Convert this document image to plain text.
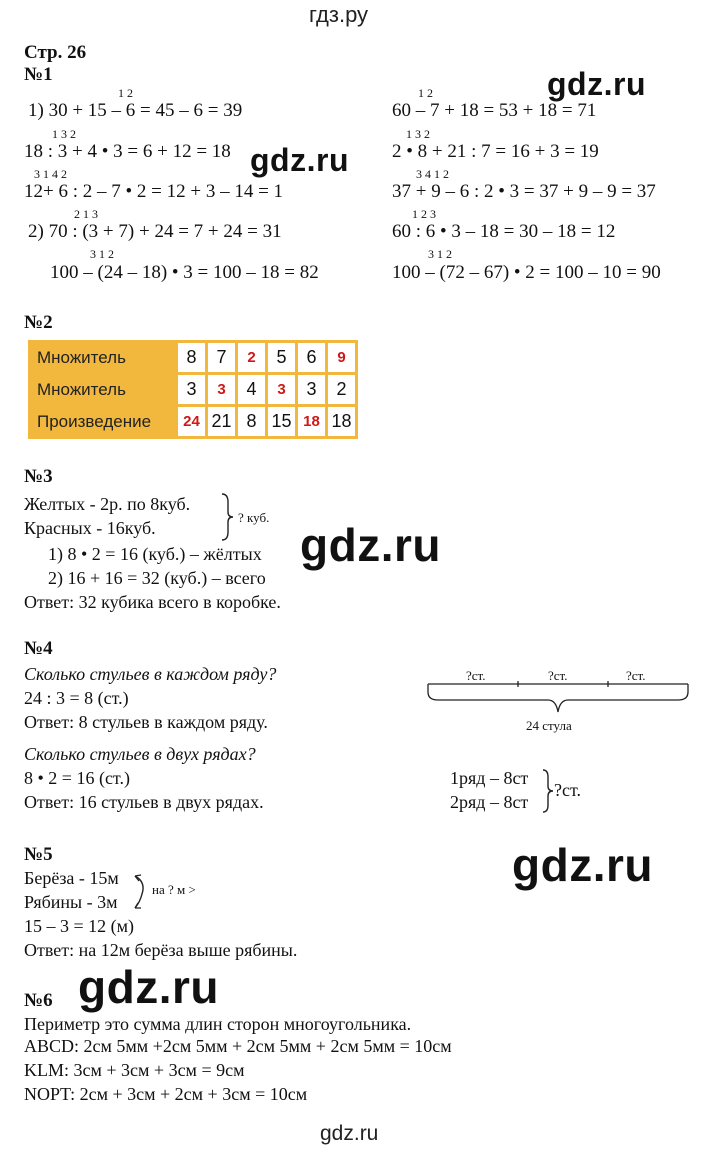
гдз.ру
Стр. 26
№1
1 2
1) 30 + 15 – 6 = 45 – 6 = 39
1 3 2
18 : 3 + 4 • 3 = 6 + 12 = 18
3 1 4 2
12+ 6 : 2 – 7 • 2 = 12 + 3 – 14 = 1
2 1 3
2) 70 : (3 + 7) + 24 = 7 + 24 = 31
3 1 2
100 – (24 – 18) • 3 = 100 – 18 = 82
1 2
60 – 7 + 18 = 53 + 18 = 71
1 3 2
2 • 8 + 21 : 7 = 16 + 3 = 19
3 4 1 2
37 + 9 – 6 : 2 • 3 = 37 + 9 – 9 = 37
1 2 3
60 : 6 • 3 – 18 = 30 – 18 = 12
3 1 2
100 – (72 – 67) • 2 = 100 – 10 = 90
№2
Множитель	8	7	2	5	6	9
Множитель	3	3	4	3	3	2
Произведение	24	21	8	15	18	18
№3
Желтых - 2р. по 8куб.
Красных - 16куб.
? куб.
1) 8 • 2 = 16 (куб.) – жёлтых
2) 16 + 16 = 32 (куб.) – всего
Ответ: 32 кубика всего в коробке.
№4
Сколько стульев в каждом ряду?
24 : 3 = 8 (ст.)
Ответ: 8 стульев в каждом ряду.
Сколько стульев в двух рядах?
8 • 2 = 16 (ст.)
Ответ: 16 стульев в двух рядах.
?ст.	?ст.	?ст.
24 стула
1ряд – 8ст
2ряд – 8ст
?ст.
№5
Берёза - 15м
Рябины - 3м
на ? м >
15 – 3 = 12 (м)
Ответ: на 12м берёза выше рябины.
№6
Периметр это сумма длин сторон многоугольника.
ABCD: 2см 5мм +2см 5мм + 2см 5мм + 2см 5мм = 10см
KLM: 3см + 3см + 3см = 9см
NOPT: 2см + 3см + 2см + 3см = 10см
gdz.ru
gdz.ru
gdz.ru
gdz.ru
gdz.ru
gdz.ru
